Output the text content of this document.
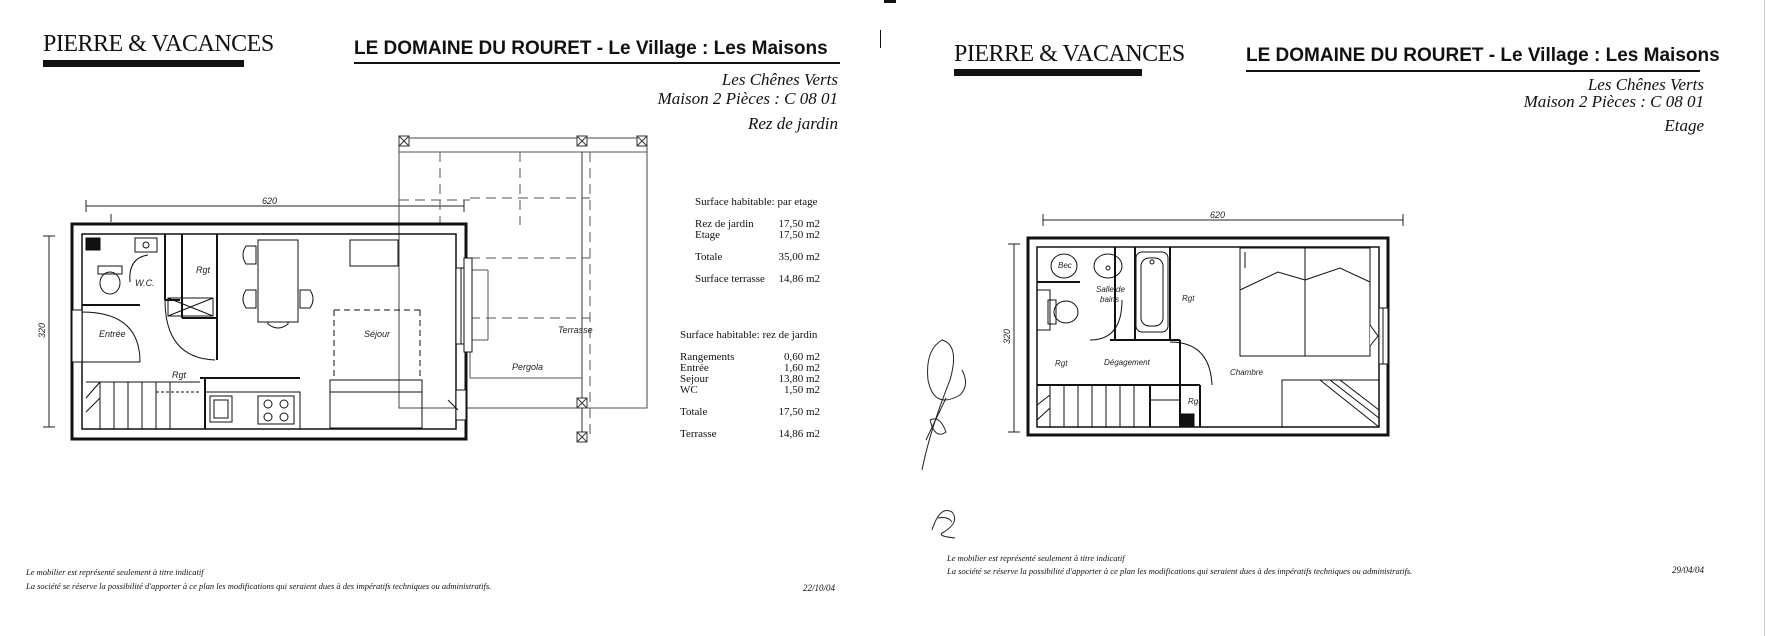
PIERRE & VACANCES	LE DOMAINE DU ROURET - Le Village : Les Maisons
Les Chênes Verts
Maison 2 Pièces : C 08 01
Rez de jardin
620
320
W.C.
Rgt
Entrée
Rgt
Séjour	Terrasse
Pergola
Surface habitable: par etage
Rez de jardin 17,50 m2
Etage	17,50 m2
Totale	35,00 m2
Surface terrasse 14,86 m2
Surface habitable: rez de jardin
Rangements	0,60 m2
Entrée	1,60 m2
Sejour	13,80 m2
WC	1,50 m2
Totale	17,50 m2
Terrasse	14,86 m2
Le mobilier est représenté seulement à titre indicatif
La société se réserve la possibilité d'apporter à ce plan les modifications qui seraient dues à des impératifs techniques ou administratifs.	22/10/04
PIERRE & VACANCES	LE DOMAINE DU ROURET - Le Village : Les Maisons
Les Chênes Verts
Maison 2 Pièces : C 08 01
Etage
620
320
Bec
Salle de
bains	Rgt
Rgt	Dégagement
Chambre
Rgt
Le mobilier est représenté seulement à titre indicatif
La société se réserve la possibilité d'apporter à ce plan les modifications qui seraient dues à des impératifs techniques ou administratifs.	29/04/04
